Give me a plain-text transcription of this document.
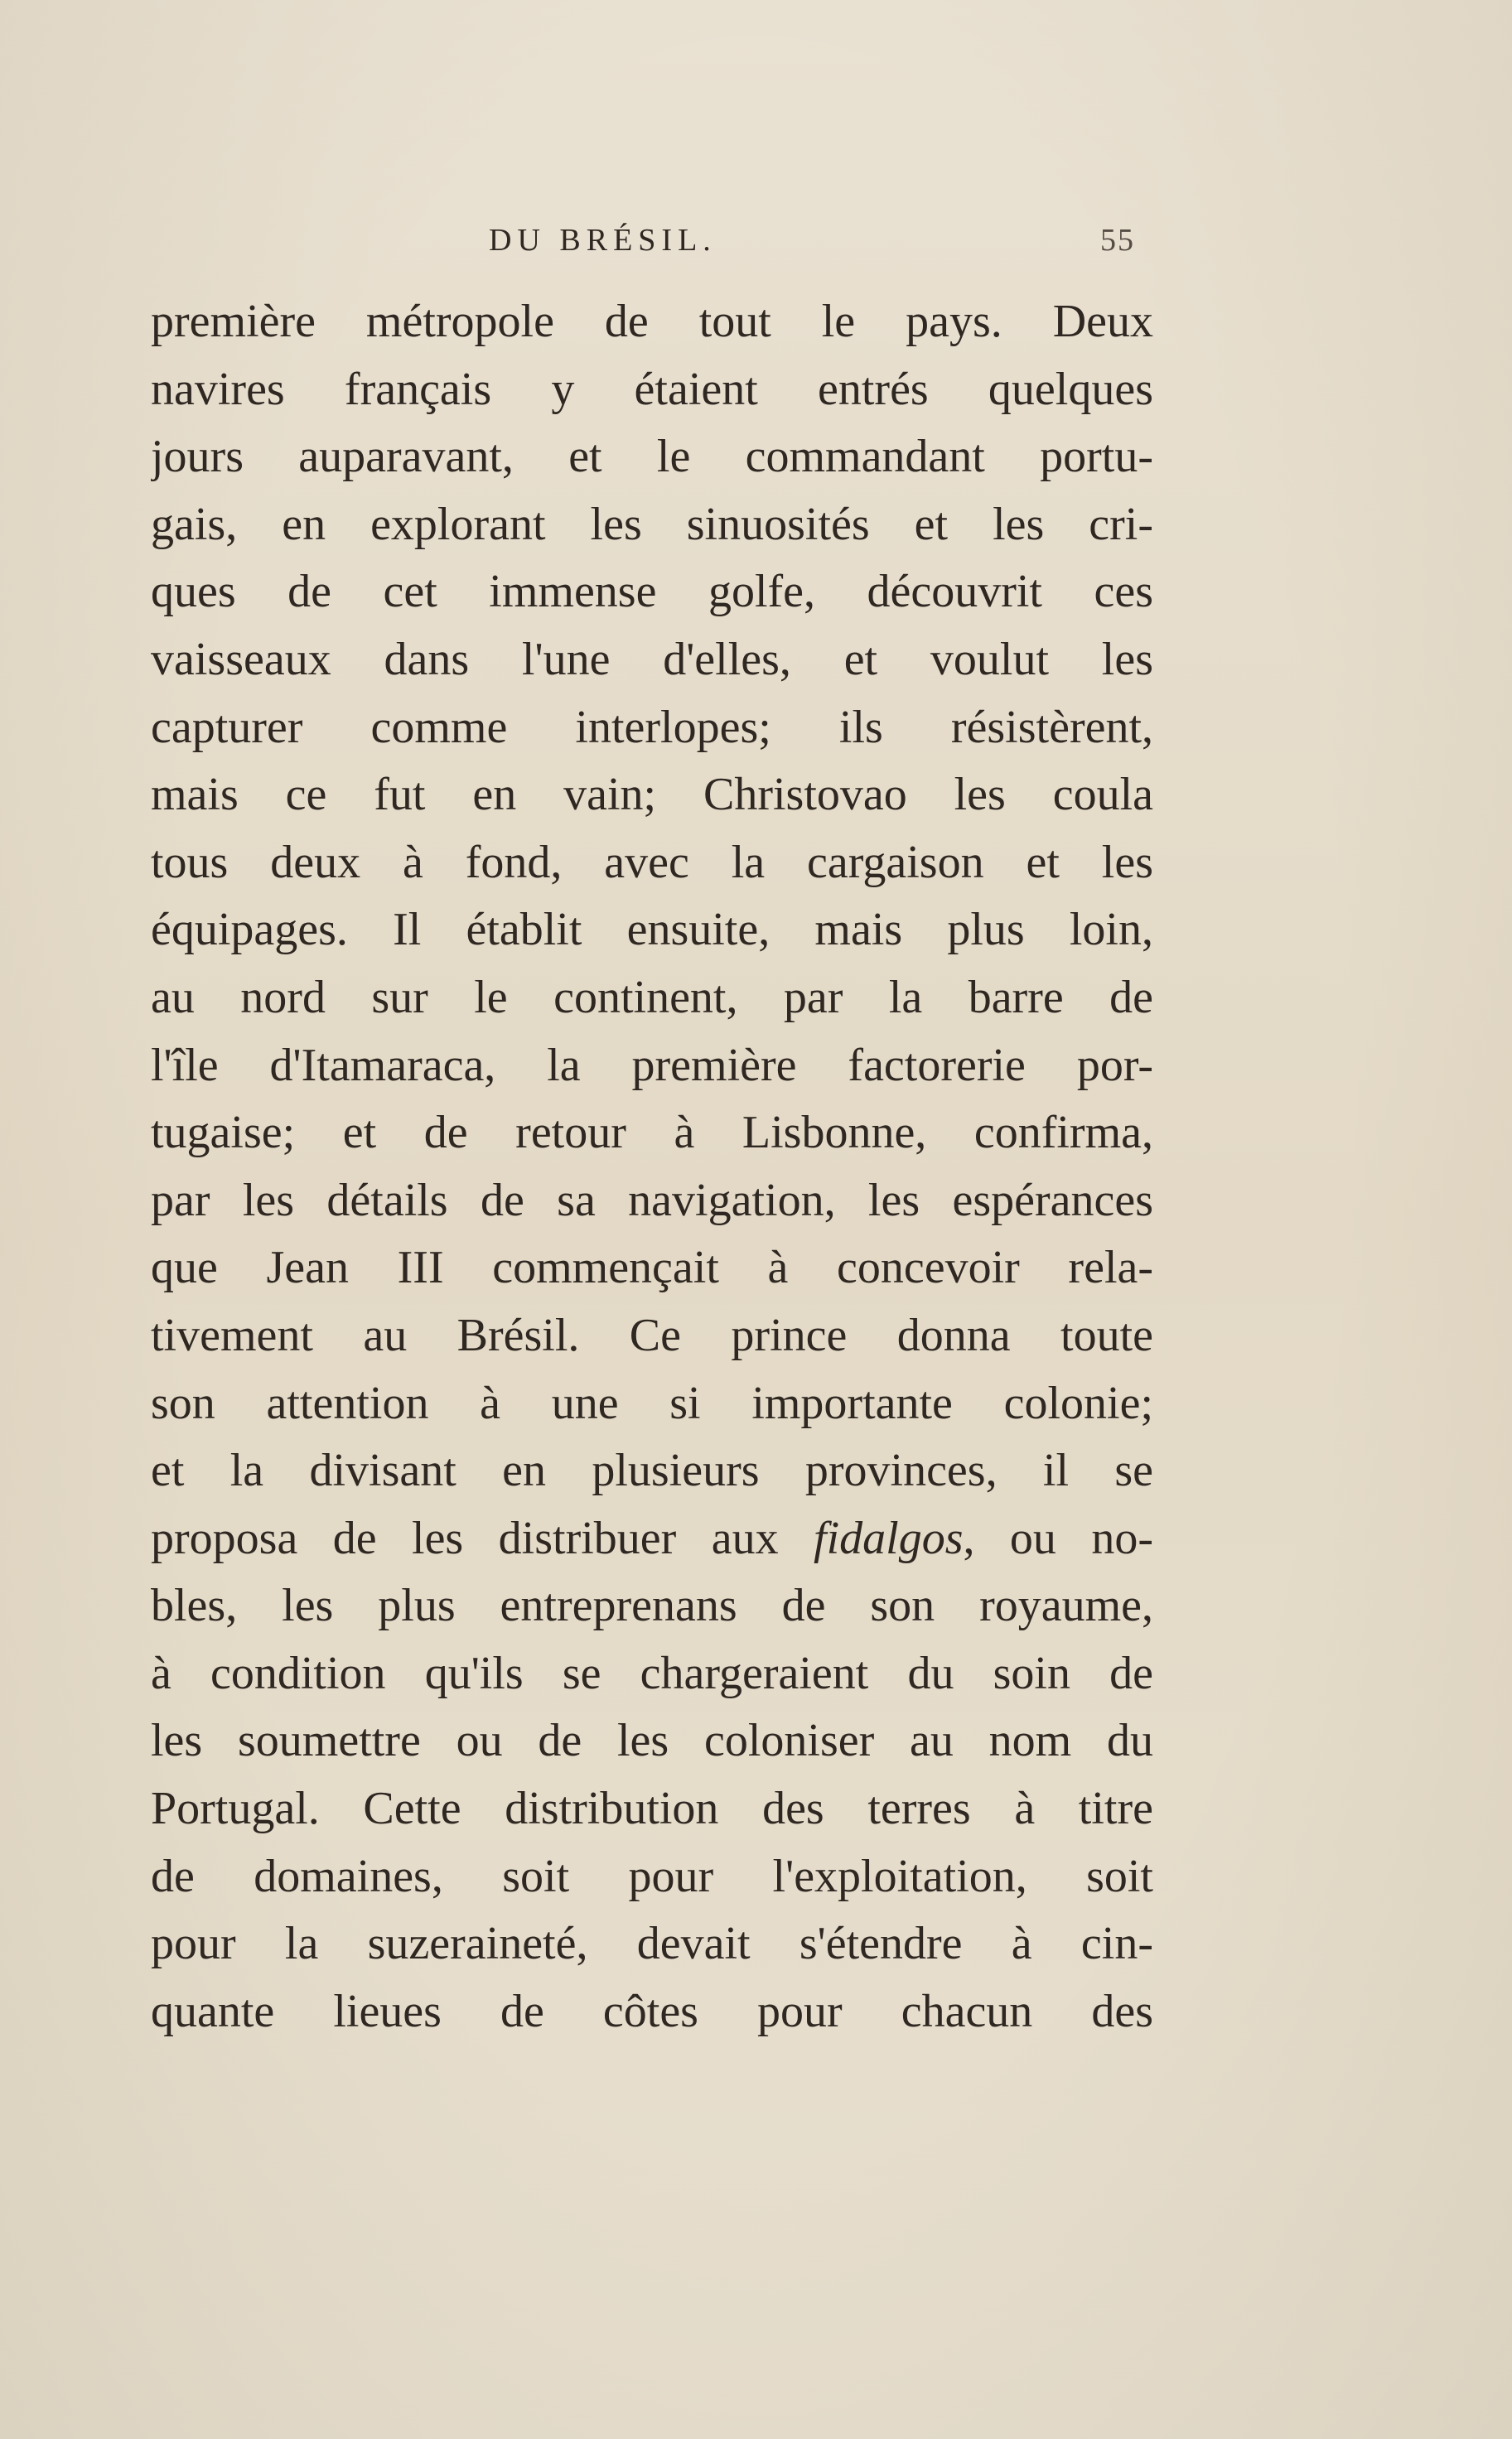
DU BRÉSIL.	55
première métropole de tout le pays. Deux
navires français y étaient entrés quelques
jours auparavant, et le commandant portu-
gais, en explorant les sinuosités et les cri-
ques de cet immense golfe, découvrit ces
vaisseaux dans l'une d'elles, et voulut les
capturer comme interlopes; ils résistèrent,
mais ce fut en vain; Christovao les coula
tous deux à fond, avec la cargaison et les
équipages. Il établit ensuite, mais plus loin,
au nord sur le continent, par la barre de
l'île d'Itamaraca, la première factorerie por-
tugaise; et de retour à Lisbonne, confirma,
par les détails de sa navigation, les espérances
que Jean III commençait à concevoir rela-
tivement au Brésil. Ce prince donna toute
son attention à une si importante colonie;
et la divisant en plusieurs provinces, il se
proposa de les distribuer aux fidalgos, ou no-
bles, les plus entreprenans de son royaume,
à condition qu'ils se chargeraient du soin de
les soumettre ou de les coloniser au nom du
Portugal. Cette distribution des terres à titre
de domaines, soit pour l'exploitation, soit
pour la suzeraineté, devait s'étendre à cin-
quante lieues de côtes pour chacun des
